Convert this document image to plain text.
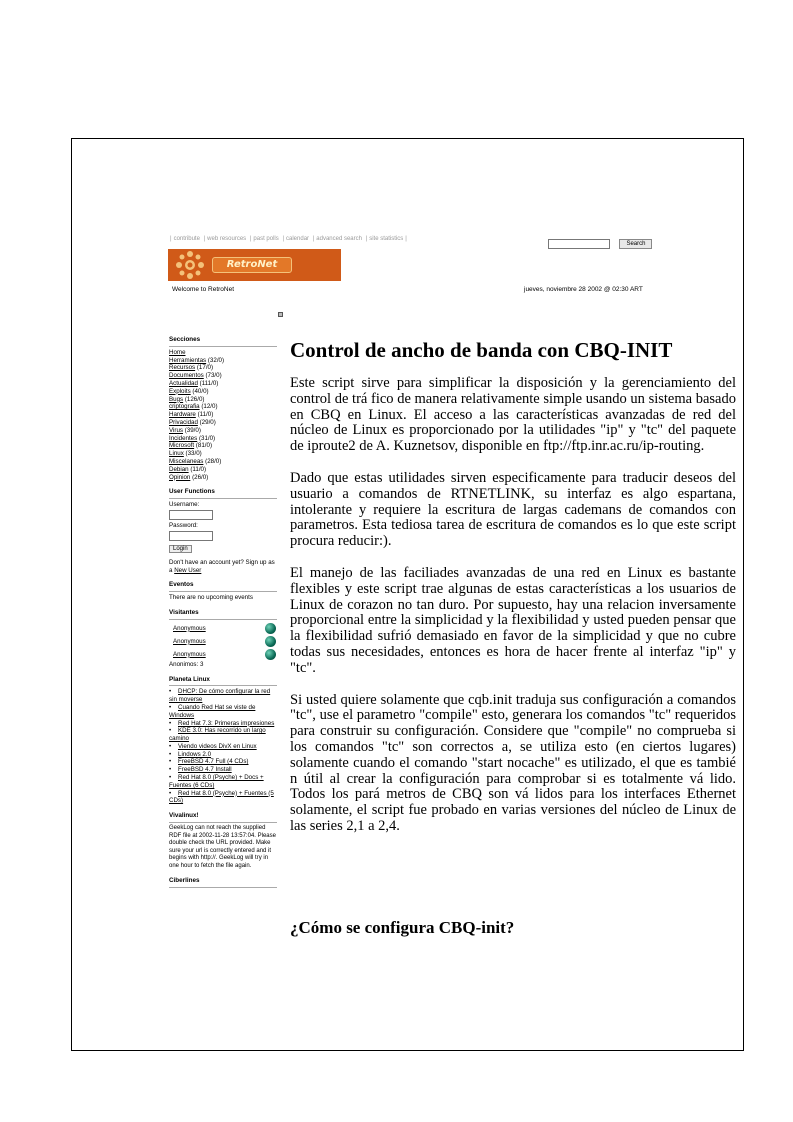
| contribute | web resources | past polls | calendar | advanced search | site statistics |
Search
RetroNet
Welcome to RetroNet	jueves, noviembre 28 2002 @ 02:30 ART
Secciones
Home
Herramientas (32/0)
Recursos (17/0)
Documentos (73/0)
Actualidad (111/0)
Exploits (40/0)
Bugs (126/0)
criptografia (12/0)
Hardware (11/0)
Privacidad (29/0)
Virus (39/0)
Incidentes (31/0)
Microsoft (81/0)
Linux (33/0)
Miscelaneas (28/0)
Debian (11/0)
Opinion (26/0)
User Functions
Username:
Password:
Login
Don't have an account yet? Sign up as a New User
Eventos
There are no upcoming events
Visitantes
Anonymous
Anonymous
Anonymous
Anonimos: 3
Planeta Linux
• DHCP: De cómo configurar la red sin moverse
• Cuando Red Hat se viste de Windows
• Red Hat 7.3: Primeras impresiones
• KDE 3.0: Has recorrido un largo camino
• Viendo videos DivX en Linux
• Lindows 2.0
• FreeBSD 4.7 Full (4 CDs)
• FreeBSD 4.7 Install
• Red Hat 8.0 (Psyche) + Docs + Fuentes (6 CDs)
• Red Hat 8.0 (Psyche) + Fuentes (5 CDs)
Vivalinux!
GeekLog can not reach the supplied RDF file at 2002-11-28 13:57:04. Please double check the URL provided. Make sure your url is correctly entered and it begins with http://. GeekLog will try in one hour to fetch the file again.
Ciberlines
Control de ancho de banda con CBQ-INIT

Este script sirve para simplificar la disposición y la gerenciamiento del control de trá fico de manera relativamente simple usando un sistema basado en CBQ en Linux. El acceso a las características avanzadas de red del núcleo de Linux es proporcionado por la utilidades "ip" y "tc" del paquete de iproute2 de A. Kuznetsov, disponible en ftp://ftp.inr.ac.ru/ip-routing.

Dado que estas utilidades sirven especificamente para traducir deseos del usuario a comandos de RTNETLINK, su interfaz es algo espartana, intolerante y requiere la escritura de largas cademans de comandos con parametros. Esta tediosa tarea de escritura de comandos es lo que este script procura reducir:).

El manejo de las faciliades avanzadas de una red en Linux es bastante flexibles y este script trae algunas de estas características a los usuarios de Linux de corazon no tan duro. Por supuesto, hay una relacion inversamente proporcional entre la simplicidad y la flexibilidad y usted pueden pensar que la flexibilidad sufrió demasiado en favor de la simplicidad y que no cubre todas sus necesidades, entonces es hora de hacer frente al interfaz "ip" y "tc".

Si usted quiere solamente que cqb.init traduja sus configuración a comandos "tc", use el parametro "compile" esto, generara los comandos "tc" requeridos para construir su configuración. Considere que "compile" no comprueba si los comandos "tc" son correctos a, se utiliza esto (en ciertos lugares) solamente cuando el comando "start nocache" es utilizado, el que es tambié n útil al crear la configuración para comprobar si es totalmente vá lido. Todos los pará metros de CBQ son vá lidos para los interfaces Ethernet solamente, el script fue probado en varias versiones del núcleo de Linux de las series 2,1 a 2,4.

¿Cómo se configura CBQ-init?
